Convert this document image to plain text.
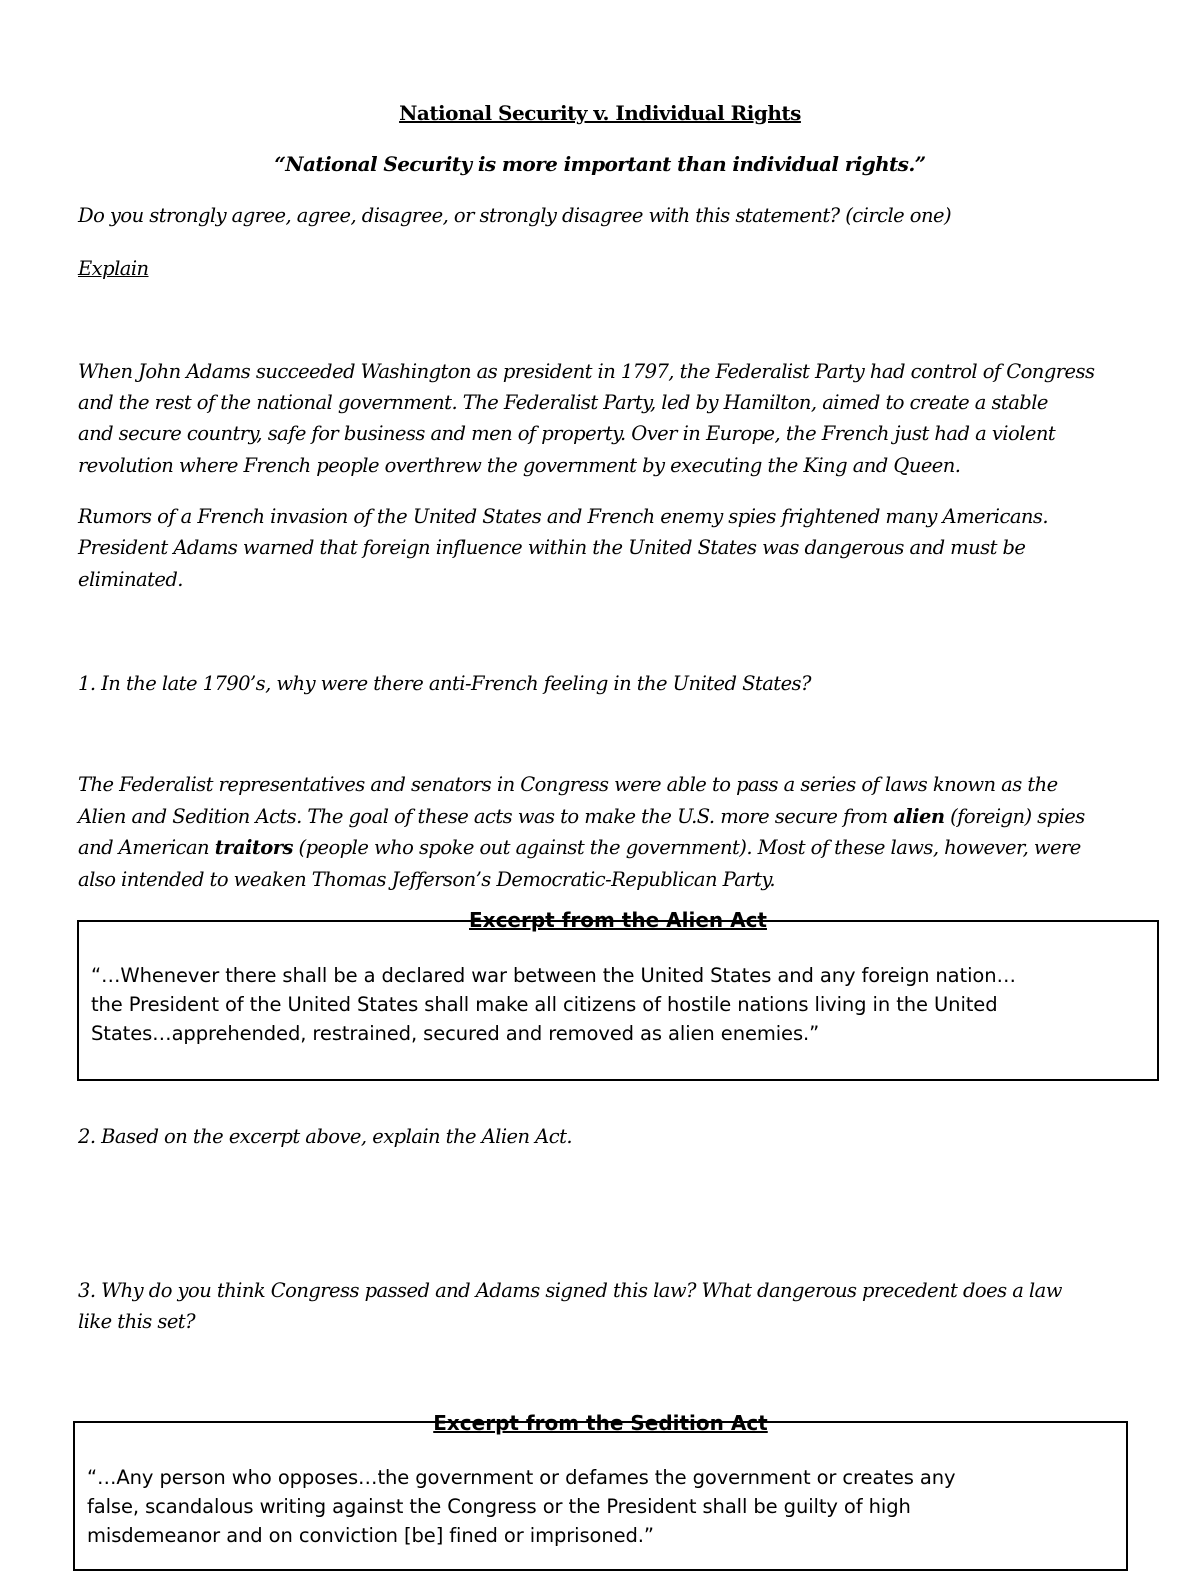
National Security v. Individual Rights
“National Security is more important than individual rights.”
Do you strongly agree, agree, disagree, or strongly disagree with this statement? (circle one)
Explain
When John Adams succeeded Washington as president in 1797, the Federalist Party had control of Congress
and the rest of the national government. The Federalist Party, led by Hamilton, aimed to create a stable
and secure country, safe for business and men of property. Over in Europe, the French just had a violent
revolution where French people overthrew the government by executing the King and Queen.
Rumors of a French invasion of the United States and French enemy spies frightened many Americans.
President Adams warned that foreign influence within the United States was dangerous and must be
eliminated.
1. In the late 1790’s, why were there anti-French feeling in the United States?
The Federalist representatives and senators in Congress were able to pass a series of laws known as the
Alien and Sedition Acts. The goal of these acts was to make the U.S. more secure from alien (foreign) spies
and American traitors (people who spoke out against the government). Most of these laws, however, were
also intended to weaken Thomas Jefferson’s Democratic-Republican Party.
Excerpt from the Alien Act
“…Whenever there shall be a declared war between the United States and any foreign nation…
the President of the United States shall make all citizens of hostile nations living in the United
States…apprehended, restrained, secured and removed as alien enemies.”
2. Based on the excerpt above, explain the Alien Act.
3. Why do you think Congress passed and Adams signed this law? What dangerous precedent does a law
like this set?
Excerpt from the Sedition Act
“…Any person who opposes…the government or defames the government or creates any
false, scandalous writing against the Congress or the President shall be guilty of high
misdemeanor and on conviction [be] fined or imprisoned.”
